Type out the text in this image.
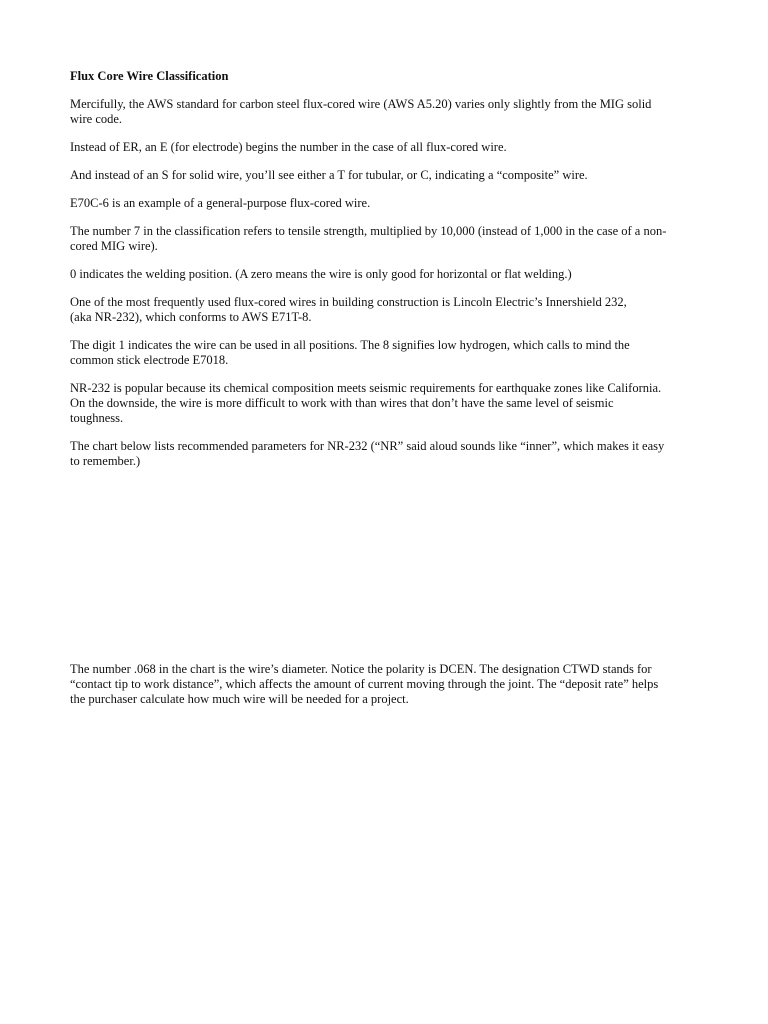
Flux Core Wire Classification
Mercifully, the AWS standard for carbon steel flux-cored wire (AWS A5.20) varies only slightly from the MIG solid
wire code.
Instead of ER, an E (for electrode) begins the number in the case of all flux-cored wire.
And instead of an S for solid wire, you’ll see either a T for tubular, or C, indicating a “composite” wire.
E70C-6 is an example of a general-purpose flux-cored wire.
The number 7 in the classification refers to tensile strength, multiplied by 10,000 (instead of 1,000 in the case of a non-
cored MIG wire).
0 indicates the welding position. (A zero means the wire is only good for horizontal or flat welding.)
One of the most frequently used flux-cored wires in building construction is Lincoln Electric’s Innershield 232,
(aka NR-232), which conforms to AWS E71T-8.
The digit 1 indicates the wire can be used in all positions. The 8 signifies low hydrogen, which calls to mind the
common stick electrode E7018.
NR-232 is popular because its chemical composition meets seismic requirements for earthquake zones like California.
On the downside, the wire is more difficult to work with than wires that don’t have the same level of seismic
toughness.
The chart below lists recommended parameters for NR-232 (“NR” said aloud sounds like “inner”, which makes it easy
to remember.)
The number .068 in the chart is the wire’s diameter. Notice the polarity is DCEN. The designation CTWD stands for
“contact tip to work distance”, which affects the amount of current moving through the joint. The “deposit rate” helps
the purchaser calculate how much wire will be needed for a project.
